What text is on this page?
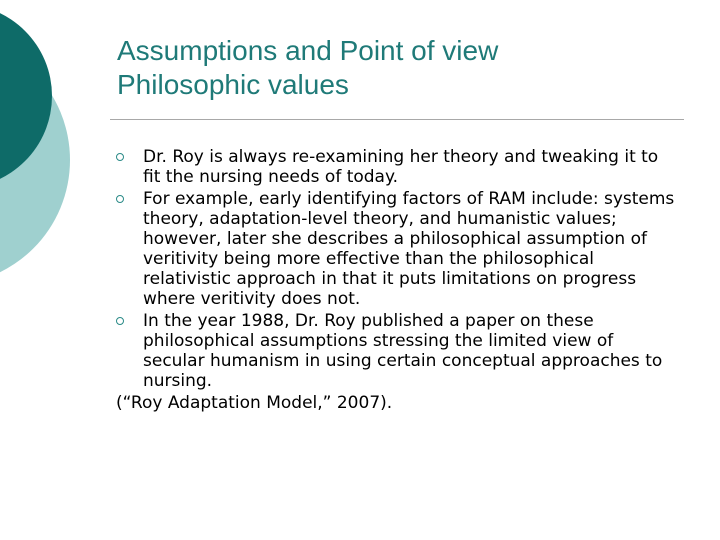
Assumptions and Point of view
Philosophic values
Dr. Roy is always re-examining her theory and tweaking it to fit the nursing needs of today.
For example, early identifying factors of RAM include: systems theory, adaptation-level theory, and humanistic values; however, later she describes a philosophical assumption of veritivity being more effective than the philosophical relativistic approach in that it puts limitations on progress where veritivity does not.
In the year 1988, Dr. Roy published a paper on these philosophical assumptions stressing the limited view of secular humanism in using certain conceptual approaches to nursing.
(“Roy Adaptation Model,” 2007).
